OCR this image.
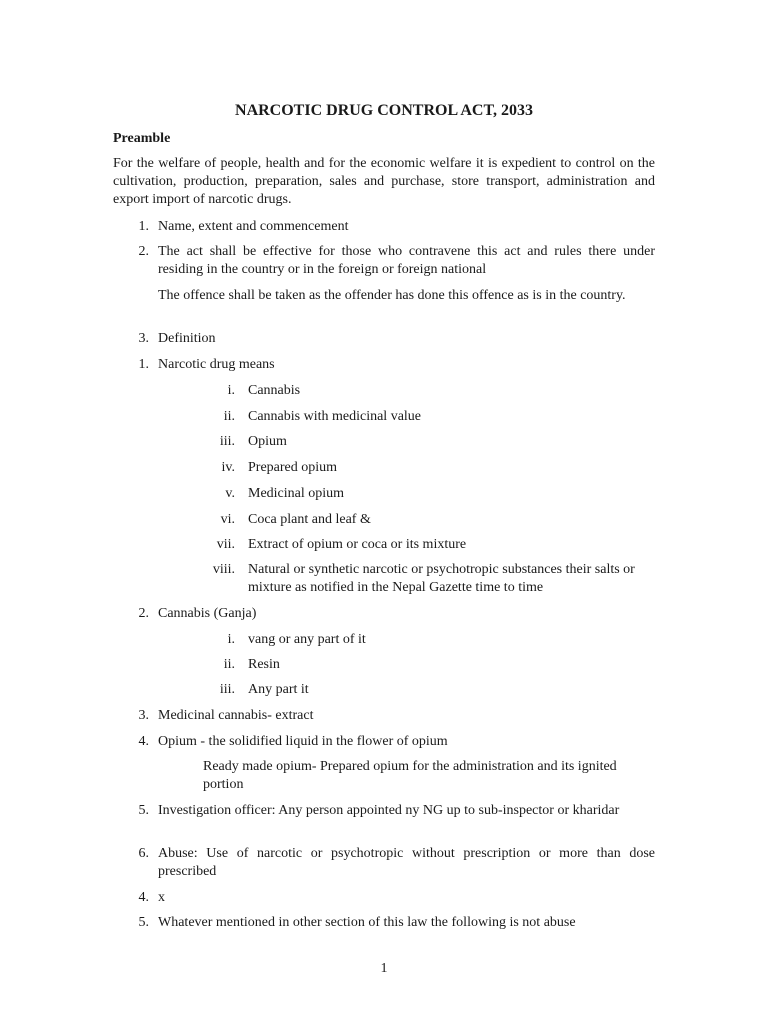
NARCOTIC DRUG CONTROL ACT, 2033

Preamble

For the welfare of people, health and for the economic welfare it is expedient to control on the cultivation, production, preparation, sales and purchase, store transport, administration and export import of narcotic drugs.

1. Name, extent and commencement
2. The act shall be effective for those who contravene this act and rules there under residing in the country or in the foreign or foreign national
The offence shall be taken as the offender has done this offence as is in the country.
3. Definition
1. Narcotic drug means
i. Cannabis
ii. Cannabis with medicinal value
iii. Opium
iv. Prepared opium
v. Medicinal opium
vi. Coca plant and leaf &
vii. Extract of opium or coca or its mixture
viii. Natural or synthetic narcotic or psychotropic substances their salts or mixture as notified in the Nepal Gazette time to time
2. Cannabis (Ganja)
i. vang or any part of it
ii. Resin
iii. Any part it
3. Medicinal cannabis- extract
4. Opium - the solidified liquid in the flower of opium
Ready made opium- Prepared opium for the administration and its ignited portion
5. Investigation officer: Any person appointed ny NG up to sub-inspector or kharidar
6. Abuse: Use of narcotic or psychotropic without prescription or more than dose prescribed
4. x
5. Whatever mentioned in other section of this law the following is not abuse

1
